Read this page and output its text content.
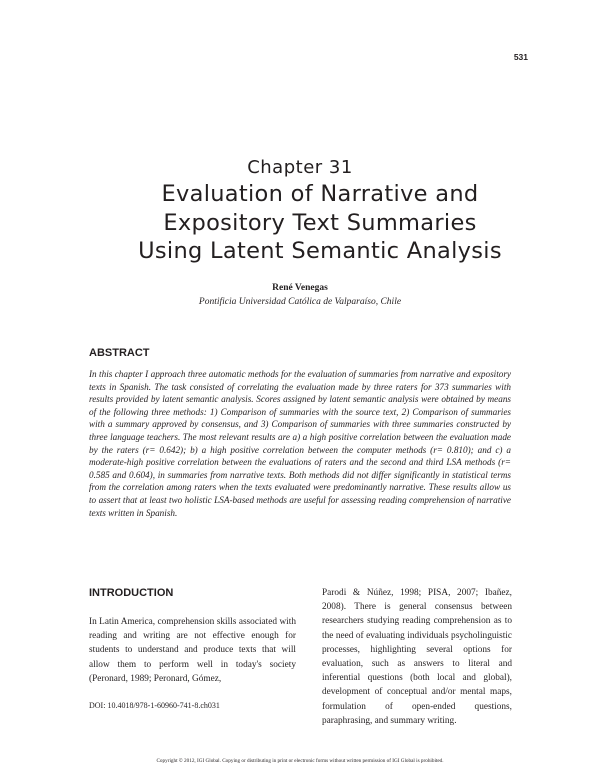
531
Chapter 31
Evaluation of Narrative and
Expository Text Summaries
Using Latent Semantic Analysis
René Venegas
Pontificia Universidad Católica de Valparaíso, Chile
ABSTRACT
In this chapter I approach three automatic methods for the evaluation of summaries from narrative and expository texts in Spanish. The task consisted of correlating the evaluation made by three raters for 373 summaries with results provided by latent semantic analysis. Scores assigned by latent semantic analysis were obtained by means of the following three methods: 1) Comparison of summaries with the source text, 2) Comparison of summaries with a summary approved by consensus, and 3) Comparison of summaries with three summaries constructed by three language teachers. The most relevant results are a) a high positive correlation between the evaluation made by the raters (r= 0.642); b) a high positive correlation between the computer methods (r= 0.810); and c) a moderate-high positive correlation between the evaluations of raters and the second and third LSA methods (r= 0.585 and 0.604), in summaries from narrative texts. Both methods did not differ significantly in statistical terms from the correlation among raters when the texts evaluated were predominantly narrative. These results allow us to assert that at least two holistic LSA-based methods are useful for assessing reading comprehension of narrative texts written in Spanish.
INTRODUCTION
In Latin America, comprehension skills associated with reading and writing are not effective enough for students to understand and produce texts that will allow them to perform well in today's society (Peronard, 1989; Peronard, Gómez,
Parodi & Núñez, 1998; PISA, 2007; Ibañez, 2008). There is general consensus between researchers studying reading comprehension as to the need of evaluating individuals psycholinguistic processes, highlighting several options for evaluation, such as answers to literal and inferential questions (both local and global), development of conceptual and/or mental maps, formulation of open-ended questions, paraphrasing, and summary writing.
DOI: 10.4018/978-1-60960-741-8.ch031
Copyright © 2012, IGI Global. Copying or distributing in print or electronic forms without written permission of IGI Global is prohibited.
